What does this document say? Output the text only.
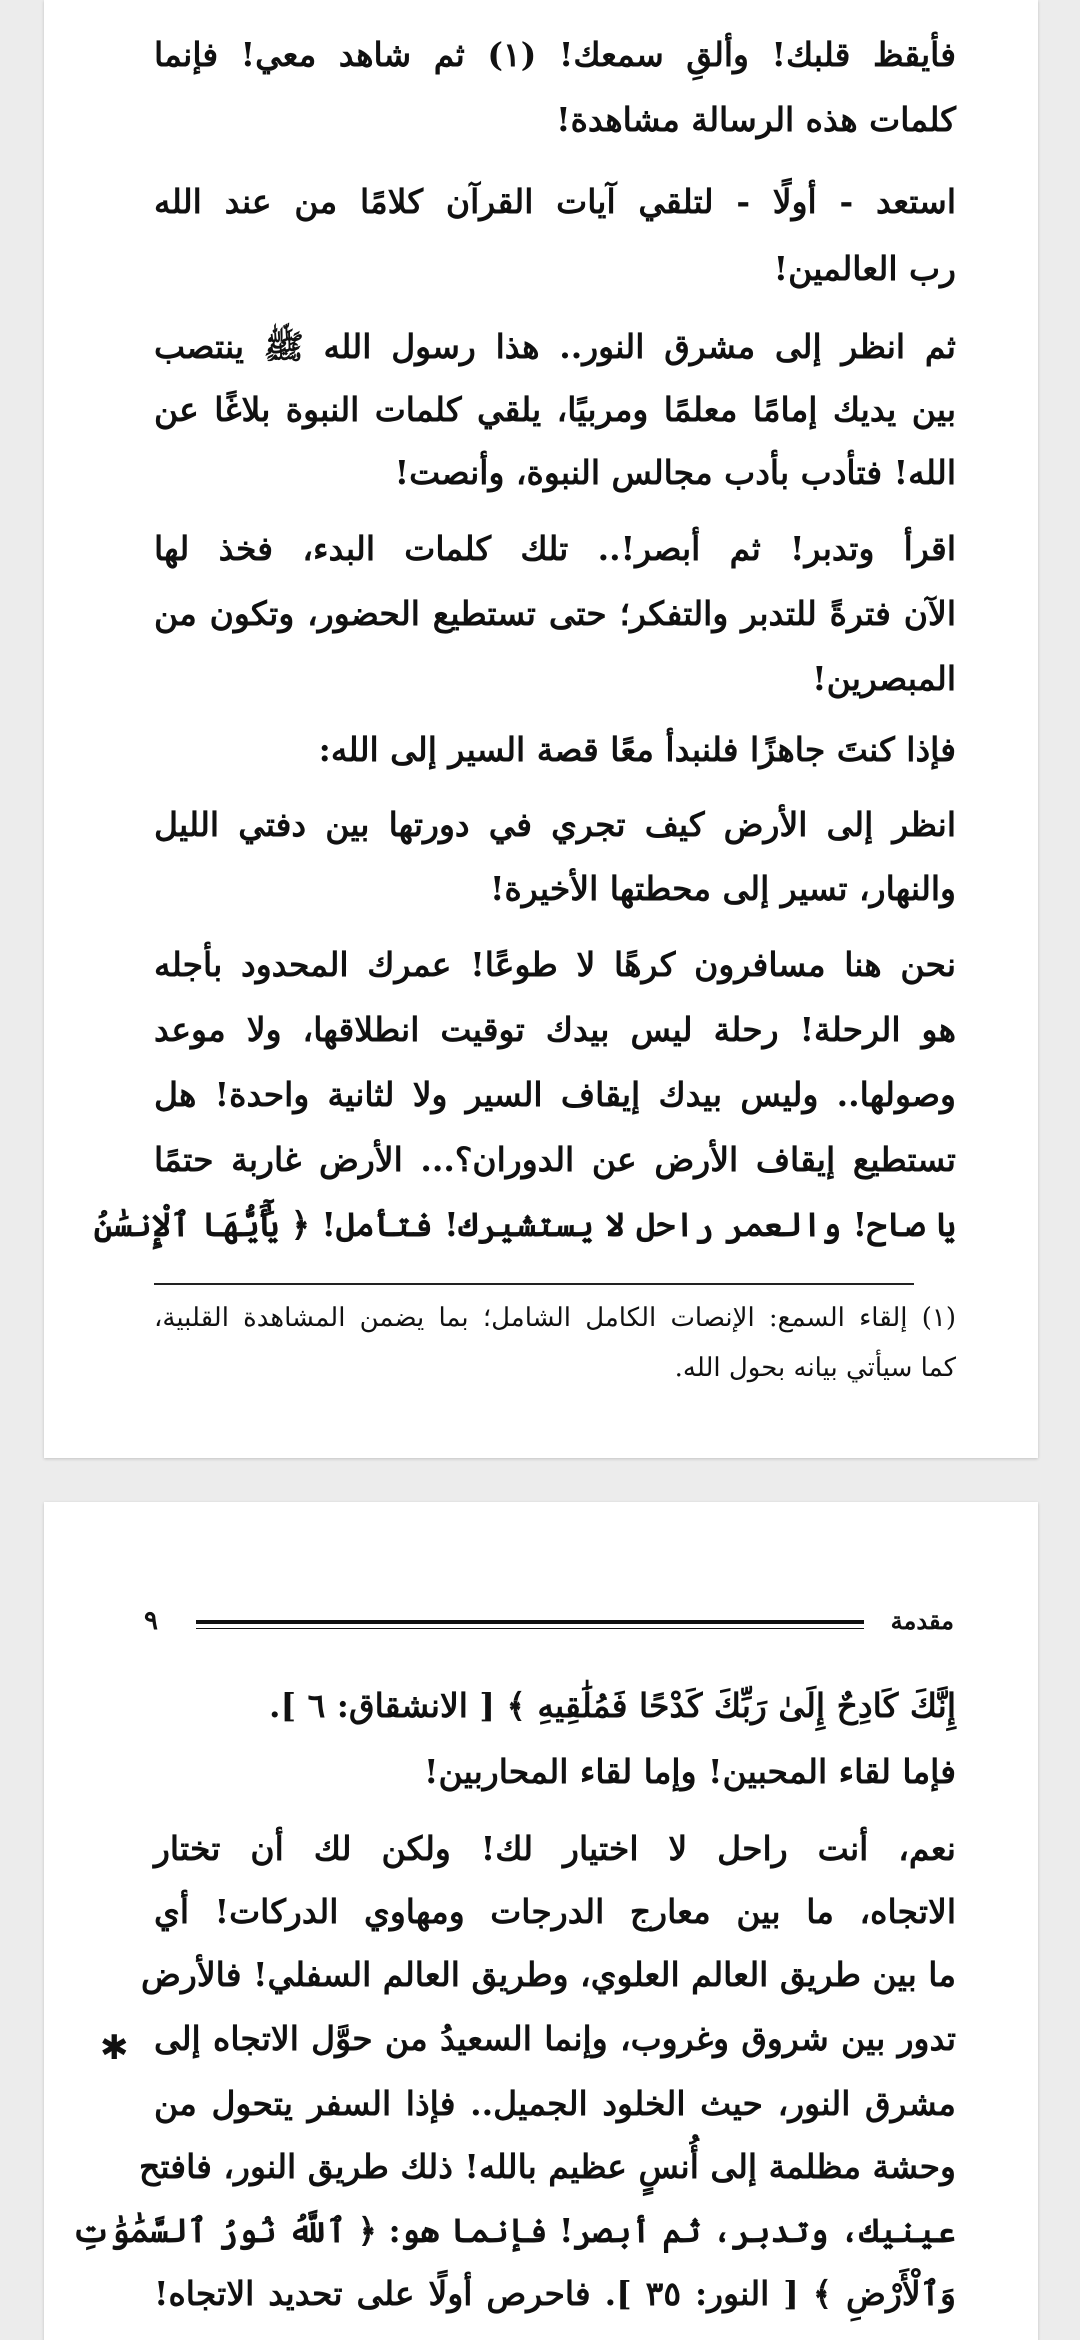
فأيقظ قلبك! وألقِ سمعك! (١) ثم شاهد معي! فإنما
كلمات هذه الرسالة مشاهدة!
استعد - أولًا - لتلقي آيات القرآن كلامًا من عند الله
رب العالمين!
ثم انظر إلى مشرق النور.. هذا رسول الله ﷺ ينتصب
بين يديك إمامًا معلمًا ومربيًا، يلقي كلمات النبوة بلاغًا عن
الله! فتأدب بأدب مجالس النبوة، وأنصت!
اقرأ وتدبر! ثم أبصر!.. تلك كلمات البدء، فخذ لها
الآن فترةً للتدبر والتفكر؛ حتى تستطيع الحضور، وتكون من
المبصرين!
فإذا كنتَ جاهزًا فلنبدأ معًا قصة السير إلى الله:
انظر إلى الأرض كيف تجري في دورتها بين دفتي الليل
والنهار، تسير إلى محطتها الأخيرة!
نحن هنا مسافرون كرهًا لا طوعًا! عمرك المحدود بأجله
هو الرحلة! رحلة ليس بيدك توقيت انطلاقها، ولا موعد
وصولها.. وليس بيدك إيقاف السير ولا لثانية واحدة! هل
تستطيع إيقاف الأرض عن الدوران؟... الأرض غاربة حتمًا
يا صاح! والعمر راحل لا يستشيرك! فتأمل! ﴿ يَٰٓأَيُّهَا ٱلْإِنسَٰنُ
(١) إلقاء السمع: الإنصات الكامل الشامل؛ بما يضمن المشاهدة القلبية،
كما سيأتي بيانه بحول الله.
مقدمة
٩
إِنَّكَ كَادِحٌ إِلَىٰ رَبِّكَ كَدْحًا فَمُلَٰقِيهِ ﴾ [ الانشقاق: ٦ ].
فإما لقاء المحبين! وإما لقاء المحاربين!
نعم، أنت راحل لا اختيار لك! ولكن لك أن تختار
الاتجاه، ما بين معارج الدرجات ومهاوي الدركات! أي
ما بين طريق العالم العلوي، وطريق العالم السفلي! فالأرض
تدور بين شروق وغروب، وإنما السعيدُ من حوَّل الاتجاه إلى
مشرق النور، حيث الخلود الجميل.. فإذا السفر يتحول من
وحشة مظلمة إلى أُنسٍ عظيم بالله! ذلك طريق النور، فافتح
عينيك، وتدبر، ثم أبصر! فإنما هو: ﴿ ٱللَّهُ نُورُ ٱلسَّمَٰوَٰتِ
وَٱلْأَرْضِ ﴾ [ النور: ٣٥ ]. فاحرص أولًا على تحديد الاتجاه!
✱
